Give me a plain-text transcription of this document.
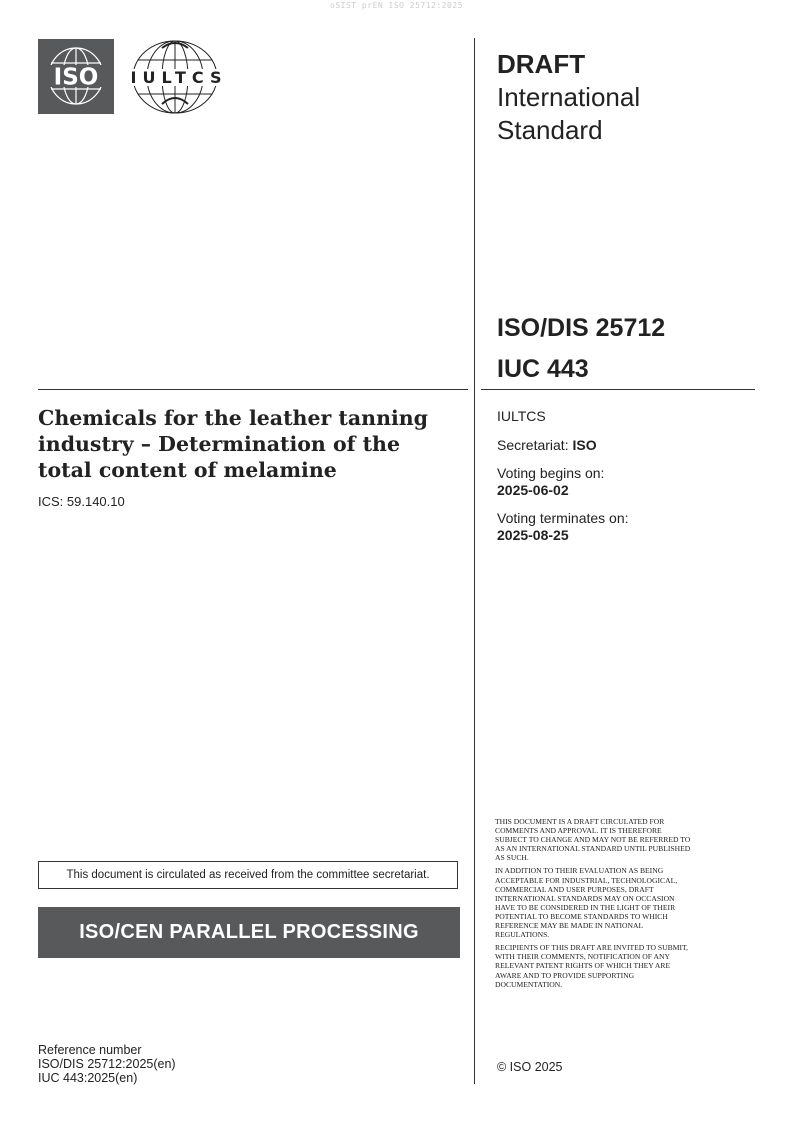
oSIST prEN ISO 25712:2025
ISO IULTCS	DRAFT
International
Standard
ISO/DIS 25712
IUC 443
IULTCS
Secretariat: ISO
Voting begins on:
2025-06-02
Voting terminates on:
2025-08-25
Chemicals for the leather tanning
industry – Determination of the
total content of melamine
ICS: 59.140.10
This document is circulated as received from the committee secretariat.
ISO/CEN PARALLEL PROCESSING
Reference number
ISO/DIS 25712:2025(en)
IUC 443:2025(en)

THIS DOCUMENT IS A DRAFT CIRCULATED FOR COMMENTS AND APPROVAL. IT IS THEREFORE SUBJECT TO CHANGE AND MAY NOT BE REFERRED TO AS AN INTERNATIONAL STANDARD UNTIL PUBLISHED AS SUCH.

IN ADDITION TO THEIR EVALUATION AS BEING ACCEPTABLE FOR INDUSTRIAL, TECHNOLOGICAL, COMMERCIAL AND USER PURPOSES, DRAFT INTERNATIONAL STANDARDS MAY ON OCCASION HAVE TO BE CONSIDERED IN THE LIGHT OF THEIR POTENTIAL TO BECOME STANDARDS TO WHICH REFERENCE MAY BE MADE IN NATIONAL REGULATIONS.

RECIPIENTS OF THIS DRAFT ARE INVITED TO SUBMIT, WITH THEIR COMMENTS, NOTIFICATION OF ANY RELEVANT PATENT RIGHTS OF WHICH THEY ARE AWARE AND TO PROVIDE SUPPORTING DOCUMENTATION.

© ISO 2025
